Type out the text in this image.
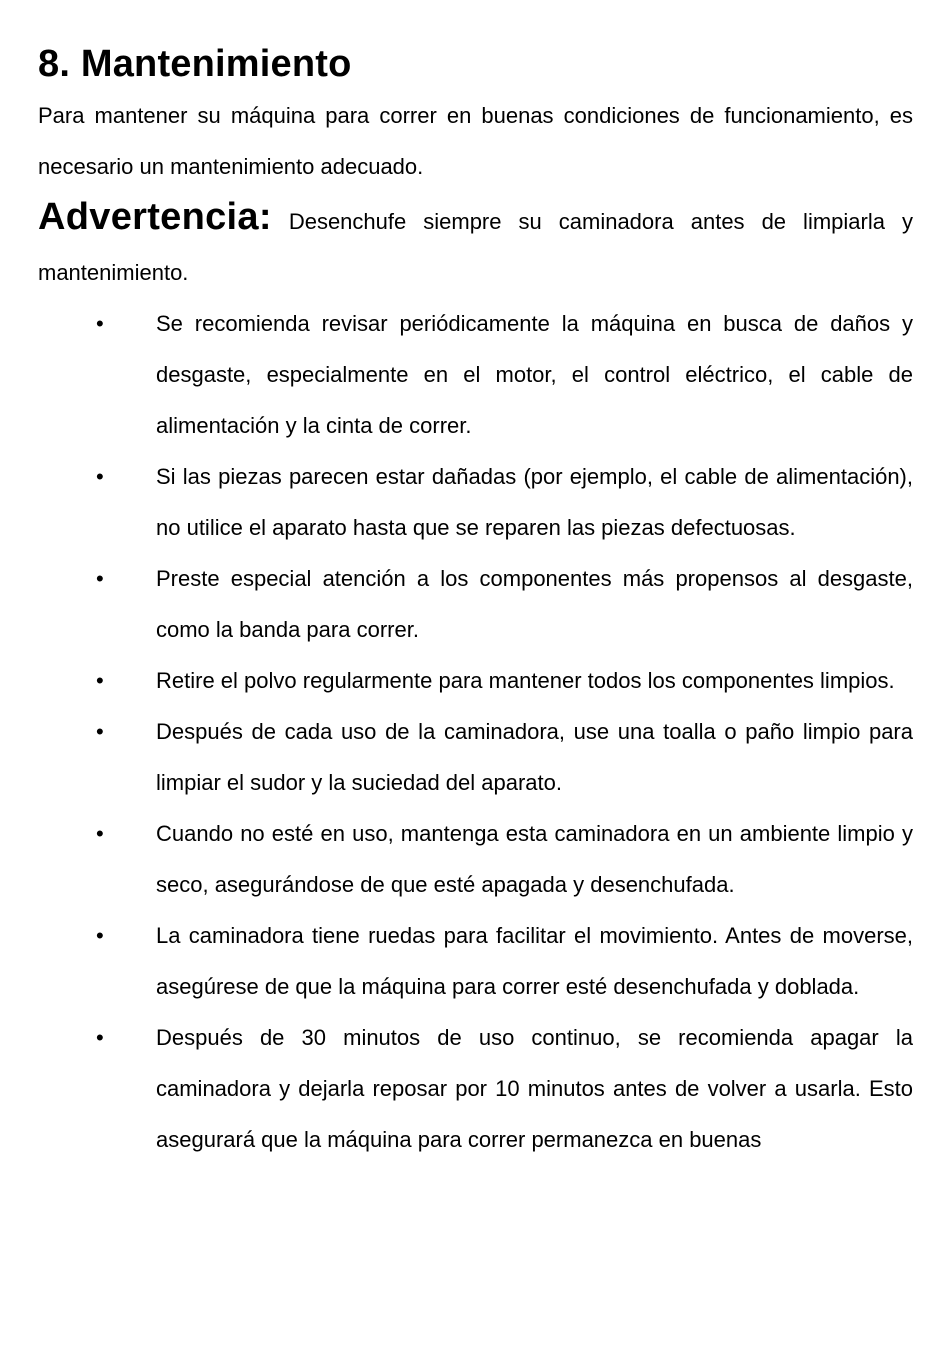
8. Mantenimiento

Para mantener su máquina para correr en buenas condiciones de funcionamiento, es necesario un mantenimiento adecuado.

Advertencia: Desenchufe siempre su caminadora antes de limpiarla y mantenimiento.

• Se recomienda revisar periódicamente la máquina en busca de daños y desgaste, especialmente en el motor, el control eléctrico, el cable de alimentación y la cinta de correr.
• Si las piezas parecen estar dañadas (por ejemplo, el cable de alimentación), no utilice el aparato hasta que se reparen las piezas defectuosas.
• Preste especial atención a los componentes más propensos al desgaste, como la banda para correr.
• Retire el polvo regularmente para mantener todos los componentes limpios.
• Después de cada uso de la caminadora, use una toalla o paño limpio para limpiar el sudor y la suciedad del aparato.
• Cuando no esté en uso, mantenga esta caminadora en un ambiente limpio y seco, asegurándose de que esté apagada y desenchufada.
• La caminadora tiene ruedas para facilitar el movimiento. Antes de moverse, asegúrese de que la máquina para correr esté desenchufada y doblada.
• Después de 30 minutos de uso continuo, se recomienda apagar la caminadora y dejarla reposar por 10 minutos antes de volver a usarla. Esto asegurará que la máquina para correr permanezca en buenas
